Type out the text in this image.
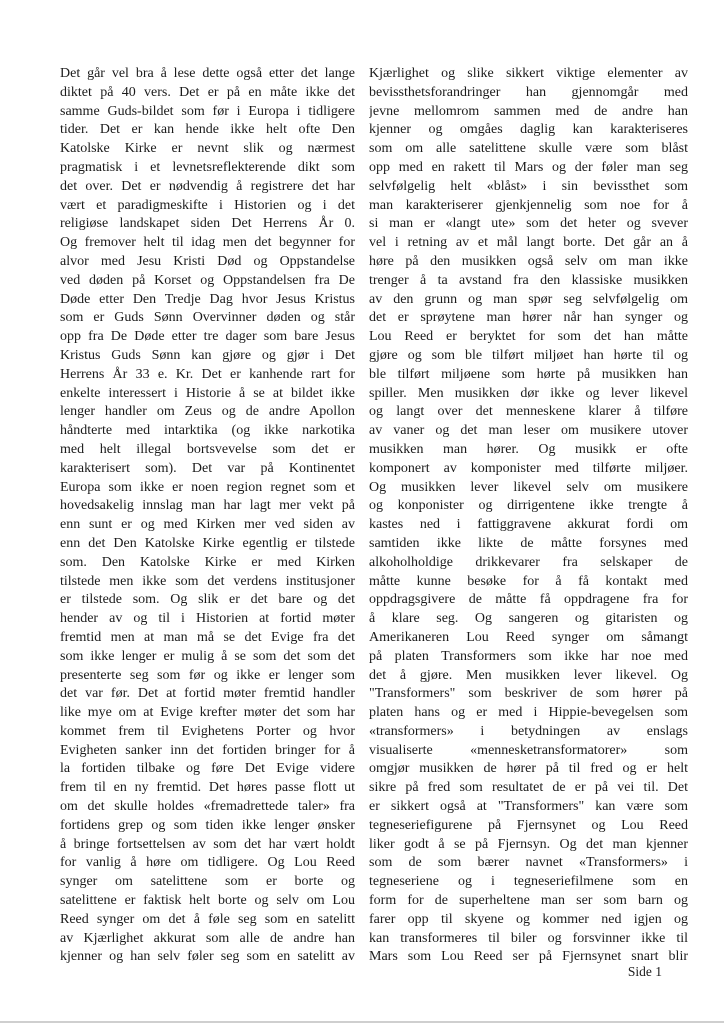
Det går vel bra å lese dette også etter det lange
diktet på 40 vers. Det er på en måte ikke det
samme Guds-bildet som før i Europa i tidligere
tider. Det er kan hende ikke helt ofte Den
Katolske Kirke er nevnt slik og nærmest
pragmatisk i et levnetsreflekterende dikt som
det over. Det er nødvendig å registrere det har
vært et paradigmeskifte i Historien og i det
religiøse landskapet siden Det Herrens År 0.
Og fremover helt til idag men det begynner for
alvor med Jesu Kristi Død og Oppstandelse
ved døden på Korset og Oppstandelsen fra De
Døde etter Den Tredje Dag hvor Jesus Kristus
som er Guds Sønn Overvinner døden og står
opp fra De Døde etter tre dager som bare Jesus
Kristus Guds Sønn kan gjøre og gjør i Det
Herrens År 33 e. Kr. Det er kanhende rart for
enkelte interessert i Historie å se at bildet ikke
lenger handler om Zeus og de andre Apollon
håndterte med intarktika (og ikke narkotika
med helt illegal bortsvevelse som det er
karakterisert som). Det var på Kontinentet
Europa som ikke er noen region regnet som et
hovedsakelig innslag man har lagt mer vekt på
enn sunt er og med Kirken mer ved siden av
enn det Den Katolske Kirke egentlig er tilstede
som. Den Katolske Kirke er med Kirken
tilstede men ikke som det verdens institusjoner
er tilstede som. Og slik er det bare og det
hender av og til i Historien at fortid møter
fremtid men at man må se det Evige fra det
som ikke lenger er mulig å se som det som det
presenterte seg som før og ikke er lenger som
det var før. Det at fortid møter fremtid handler
like mye om at Evige krefter møter det som har
kommet frem til Evighetens Porter og hvor
Evigheten sanker inn det fortiden bringer for å
la fortiden tilbake og føre Det Evige videre
frem til en ny fremtid. Det høres passe flott ut
om det skulle holdes «fremadrettede taler» fra
fortidens grep og som tiden ikke lenger ønsker
å bringe fortsettelsen av som det har vært holdt
for vanlig å høre om tidligere. Og Lou Reed
synger om satelittene som er borte og
satelittene er faktisk helt borte og selv om Lou
Reed synger om det å føle seg som en satelitt
av Kjærlighet akkurat som alle de andre han
kjenner og han selv føler seg som en satelitt av
Kjærlighet og slike sikkert viktige elementer av
bevissthetsforandringer han gjennomgår med
jevne mellomrom sammen med de andre han
kjenner og omgåes daglig kan karakteriseres
som om alle satelittene skulle være som blåst
opp med en rakett til Mars og der føler man seg
selvfølgelig helt «blåst» i sin bevissthet som
man karakteriserer gjenkjennelig som noe for å
si man er «langt ute» som det heter og svever
vel i retning av et mål langt borte. Det går an å
høre på den musikken også selv om man ikke
trenger å ta avstand fra den klassiske musikken
av den grunn og man spør seg selvfølgelig om
det er sprøytene man hører når han synger og
Lou Reed er beryktet for som det han måtte
gjøre og som ble tilført miljøet han hørte til og
ble tilført miljøene som hørte på musikken han
spiller. Men musikken dør ikke og lever likevel
og langt over det menneskene klarer å tilføre
av vaner og det man leser om musikere utover
musikken man hører. Og musikk er ofte
komponert av komponister med tilførte miljøer.
Og musikken lever likevel selv om musikere
og konponister og dirrigentene ikke trengte å
kastes ned i fattiggravene akkurat fordi om
samtiden ikke likte de måtte forsynes med
alkoholholdige drikkevarer fra selskaper de
måtte kunne besøke for å få kontakt med
oppdragsgivere de måtte få oppdragene fra for
å klare seg. Og sangeren og gitaristen og
Amerikaneren Lou Reed synger om såmangt
på platen Transformers som ikke har noe med
det å gjøre. Men musikken lever likevel. Og
"Transformers" som beskriver de som hører på
platen hans og er med i Hippie-bevegelsen som
«transformers» i betydningen av enslags
visualiserte «mennesketransformatorer» som
omgjør musikken de hører på til fred og er helt
sikre på fred som resultatet de er på vei til. Det
er sikkert også at "Transformers" kan være som
tegneseriefigurene på Fjernsynet og Lou Reed
liker godt å se på Fjernsyn. Og det man kjenner
som de som bærer navnet «Transformers» i
tegneseriene og i tegneseriefilmene som en
form for de superheltene man ser som barn og
farer opp til skyene og kommer ned igjen og
kan transformeres til biler og forsvinner ikke til
Mars som Lou Reed ser på Fjernsynet snart blir
Side 1
